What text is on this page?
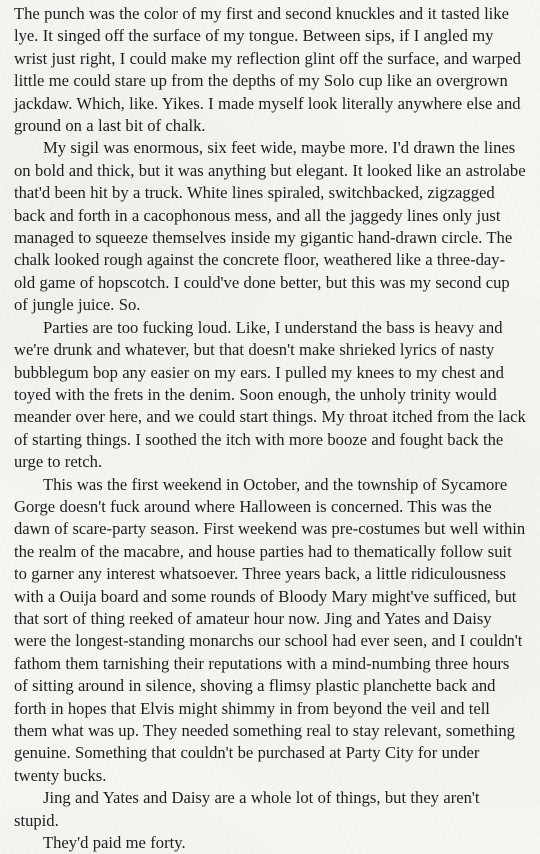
The punch was the color of my first and second knuckles and it tasted like lye. It singed off the surface of my tongue. Between sips, if I angled my wrist just right, I could make my reflection glint off the surface, and warped little me could stare up from the depths of my Solo cup like an overgrown jackdaw. Which, like. Yikes. I made myself look literally anywhere else and ground on a last bit of chalk.

My sigil was enormous, six feet wide, maybe more. I'd drawn the lines on bold and thick, but it was anything but elegant. It looked like an astrolabe that'd been hit by a truck. White lines spiraled, switchbacked, zigzagged back and forth in a cacophonous mess, and all the jaggedy lines only just managed to squeeze themselves inside my gigantic hand-drawn circle. The chalk looked rough against the concrete floor, weathered like a three-day-old game of hopscotch. I could've done better, but this was my second cup of jungle juice. So.

Parties are too fucking loud. Like, I understand the bass is heavy and we're drunk and whatever, but that doesn't make shrieked lyrics of nasty bubblegum bop any easier on my ears. I pulled my knees to my chest and toyed with the frets in the denim. Soon enough, the unholy trinity would meander over here, and we could start things. My throat itched from the lack of starting things. I soothed the itch with more booze and fought back the urge to retch.

This was the first weekend in October, and the township of Sycamore Gorge doesn't fuck around where Halloween is concerned. This was the dawn of scare-party season. First weekend was pre-costumes but well within the realm of the macabre, and house parties had to thematically follow suit to garner any interest whatsoever. Three years back, a little ridiculousness with a Ouija board and some rounds of Bloody Mary might've sufficed, but that sort of thing reeked of amateur hour now. Jing and Yates and Daisy were the longest-standing monarchs our school had ever seen, and I couldn't fathom them tarnishing their reputations with a mind-numbing three hours of sitting around in silence, shoving a flimsy plastic planchette back and forth in hopes that Elvis might shimmy in from beyond the veil and tell them what was up. They needed something real to stay relevant, something genuine. Something that couldn't be purchased at Party City for under twenty bucks.

Jing and Yates and Daisy are a whole lot of things, but they aren't stupid.

They'd paid me forty.
